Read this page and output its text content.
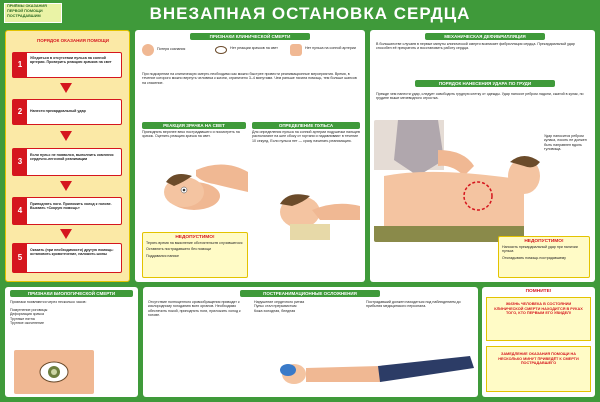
ПРИЁМЫ ОКАЗАНИЯ
ПЕРВОЙ ПОМОЩИ
ПОСТРАДАВШИМ	ВНЕЗАПНАЯ ОСТАНОВКА СЕРДЦА
ПОРЯДОК ОКАЗАНИЯ ПОМОЩИ
1
Убедиться в отсутствии пульса на сонной артерии. Проверить реакцию зрачков на свет
2	Нанести прекардиальный удар
3
Если пульс не появился, выполнить комплекс сердечно-легочной реанимации
4
Приподнять ноги. Приложить холод к голове. Вызвать «Скорую помощь»
5
Оказать (при необходимости) другую помощь: остановить кровотечение, наложить шины
ПРИЗНАКИ КЛИНИЧЕСКОЙ СМЕРТИ
Потеря сознания	Нет реакции зрачков на свет	Нет пульса на сонной артерии
При подозрении на клиническую смерть необходимо как можно быстрее провести реанимационные мероприятия. Время, в течение которого можно вернуть человека к жизни, ограничено 3–4 минутами. Чем раньше начата помощь, тем больше шансов на спасение.
РЕАКЦИЯ ЗРАЧКА НА СВЕТ	ОПРЕДЕЛЕНИЕ ПУЛЬСА
Приподнять верхнее веко пострадавшего и посмотреть на зрачок. Оценить реакцию зрачка на свет.
Для определения пульса на сонной артерии подушечки пальцев располагают на шее сбоку от гортани и надавливают в течение 10 секунд. Если пульса нет — сразу начинать реанимацию.
НЕДОПУСТИМО!
Терять время на выяснение обстоятельств случившегося
Оставлять пострадавшего без помощи
Поддавался панике
МЕХАНИЧЕСКАЯ ДЕФИБРИЛЛЯЦИЯ
В большинстве случаев в первые минуты клинической смерти возникает фибрилляция сердца. Прекардиальный удар способен её прекратить и восстановить работу сердца.
ПОРЯДОК НАНЕСЕНИЯ УДАРА ПО ГРУДИ
Прежде чем нанести удар, следует освободить грудную клетку от одежды. Удар наносят ребром ладони, сжатой в кулак, по грудине выше мечевидного отростка.
Удар наносится ребром кулака, локоть не должен быть направлен вдоль туловища.
НЕДОПУСТИМО!
Наносить прекардиальный удар при наличии пульса
Откладывать помощь пострадавшему
ПРИЗНАКИ БИОЛОГИЧЕСКОЙ СМЕРТИ
Признаки появляются через несколько часов:
Помутнение роговицы
Деформация зрачка
Трупные пятна
Трупное окоченение
ПОСТРЕАНИМАЦИОННЫЕ ОСЛОЖНЕНИЯ
Отсутствие полноценного кровообращения приводит к кислородному голоданию всех органов. Необходимо обеспечить покой, приподнять ноги, приложить холод к голове.
Нарушение сердечного ритма
Пульс стал прерывистым
Кожа холодная, бледная
Пострадавший должен находиться под наблюдением до прибытия медицинского персонала.
ПОМНИТЕ!
ЖИЗНЬ ЧЕЛОВЕКА В СОСТОЯНИИ КЛИНИЧЕСКОЙ СМЕРТИ НАХОДИТСЯ В РУКАХ ТОГО, КТО ПЕРВЫМ ЕГО УВИДЕЛ!
ЗАМЕДЛЕНИЕ ОКАЗАНИЯ ПОМОЩИ НА НЕСКОЛЬКО МИНУТ ПРИВЕДЁТ К СМЕРТИ ПОСТРАДАВШЕГО
